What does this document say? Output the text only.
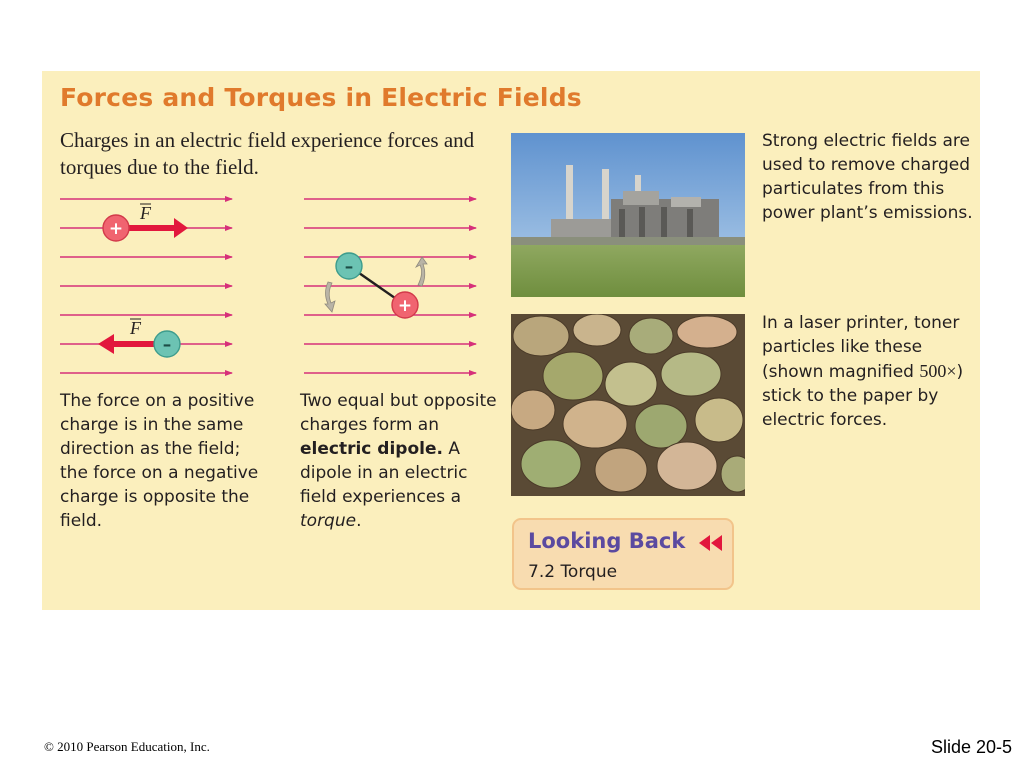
Forces and Torques in Electric Fields
Charges in an electric field experience forces and torques due to the field.
F
+
F
–
–
+
The force on a positive charge is in the same direction as the field; the force on a negative charge is opposite the field.
Two equal but opposite charges form an electric dipole. A dipole in an electric field experiences a torque.
Strong electric fields are used to remove charged particulates from this power plant’s emissions.
In a laser printer, toner particles like these (shown magnified 500×) stick to the paper by electric forces.
Looking Back
7.2 Torque
© 2010 Pearson Education, Inc.	Slide 20-5
